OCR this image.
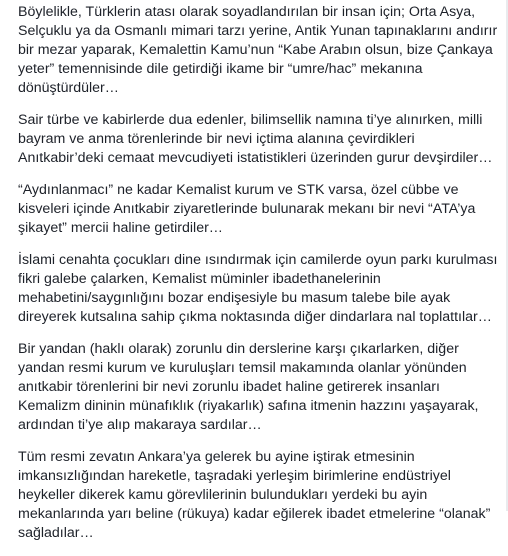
Böylelikle, Türklerin atası olarak soyadlandırılan bir insan için; Orta Asya,
Selçuklu ya da Osmanlı mimari tarzı yerine, Antik Yunan tapınaklarını andırır
bir mezar yaparak, Kemalettin Kamu’nun “Kabe Arabın olsun, bize Çankaya
yeter” temennisinde dile getirdiği ikame bir “umre/hac” mekanına
dönüştürdüler…
Sair türbe ve kabirlerde dua edenler, bilimsellik namına ti’ye alınırken, milli
bayram ve anma törenlerinde bir nevi içtima alanına çevirdikleri
Anıtkabir’deki cemaat mevcudiyeti istatistikleri üzerinden gurur devşirdiler…
“Aydınlanmacı” ne kadar Kemalist kurum ve STK varsa, özel cübbe ve
kisveleri içinde Anıtkabir ziyaretlerinde bulunarak mekanı bir nevi “ATA’ya
şikayet” mercii haline getirdiler…
İslami cenahta çocukları dine ısındırmak için camilerde oyun parkı kurulması
fikri galebe çalarken, Kemalist müminler ibadethanelerinin
mehabetini/saygınlığını bozar endişesiyle bu masum talebe bile ayak
direyerek kutsalına sahip çıkma noktasında diğer dindarlara nal toplattılar…
Bir yandan (haklı olarak) zorunlu din derslerine karşı çıkarlarken, diğer
yandan resmi kurum ve kuruluşları temsil makamında olanlar yönünden
anıtkabir törenlerini bir nevi zorunlu ibadet haline getirerek insanları
Kemalizm dininin münafıklık (riyakarlık) safına itmenin hazzını yaşayarak,
ardından ti’ye alıp makaraya sardılar…
Tüm resmi zevatın Ankara’ya gelerek bu ayine iştirak etmesinin
imkansızlığından hareketle, taşradaki yerleşim birimlerine endüstriyel
heykeller dikerek kamu görevlilerinin bulundukları yerdeki bu ayin
mekanlarında yarı beline (rükuya) kadar eğilerek ibadet etmelerine “olanak”
sağladılar…
